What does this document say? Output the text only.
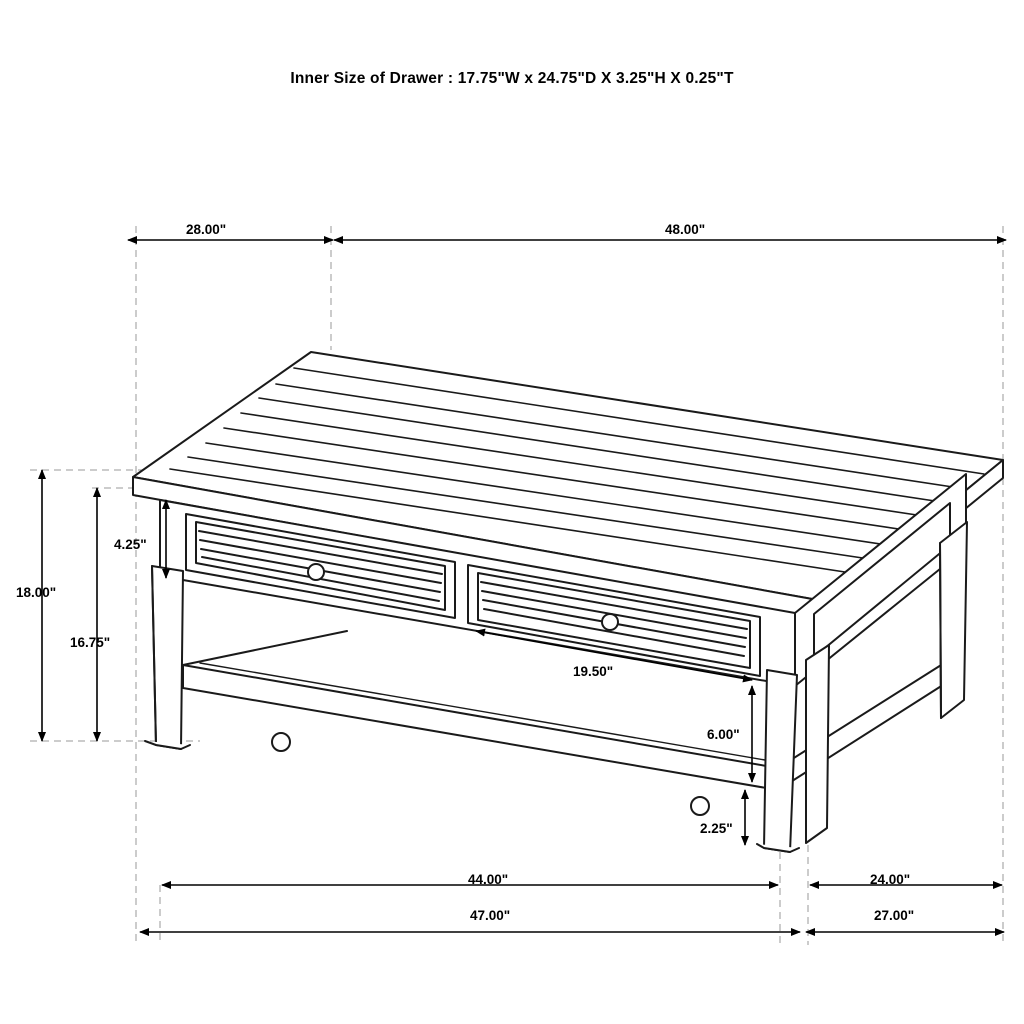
Inner Size of Drawer : 17.75"W x 24.75"D X 3.25"H X 0.25"T
28.00"	48.00"
4.25"
18.00"
16.75"
19.50"
6.00"
2.25"
44.00"	24.00"
47.00"	27.00"
